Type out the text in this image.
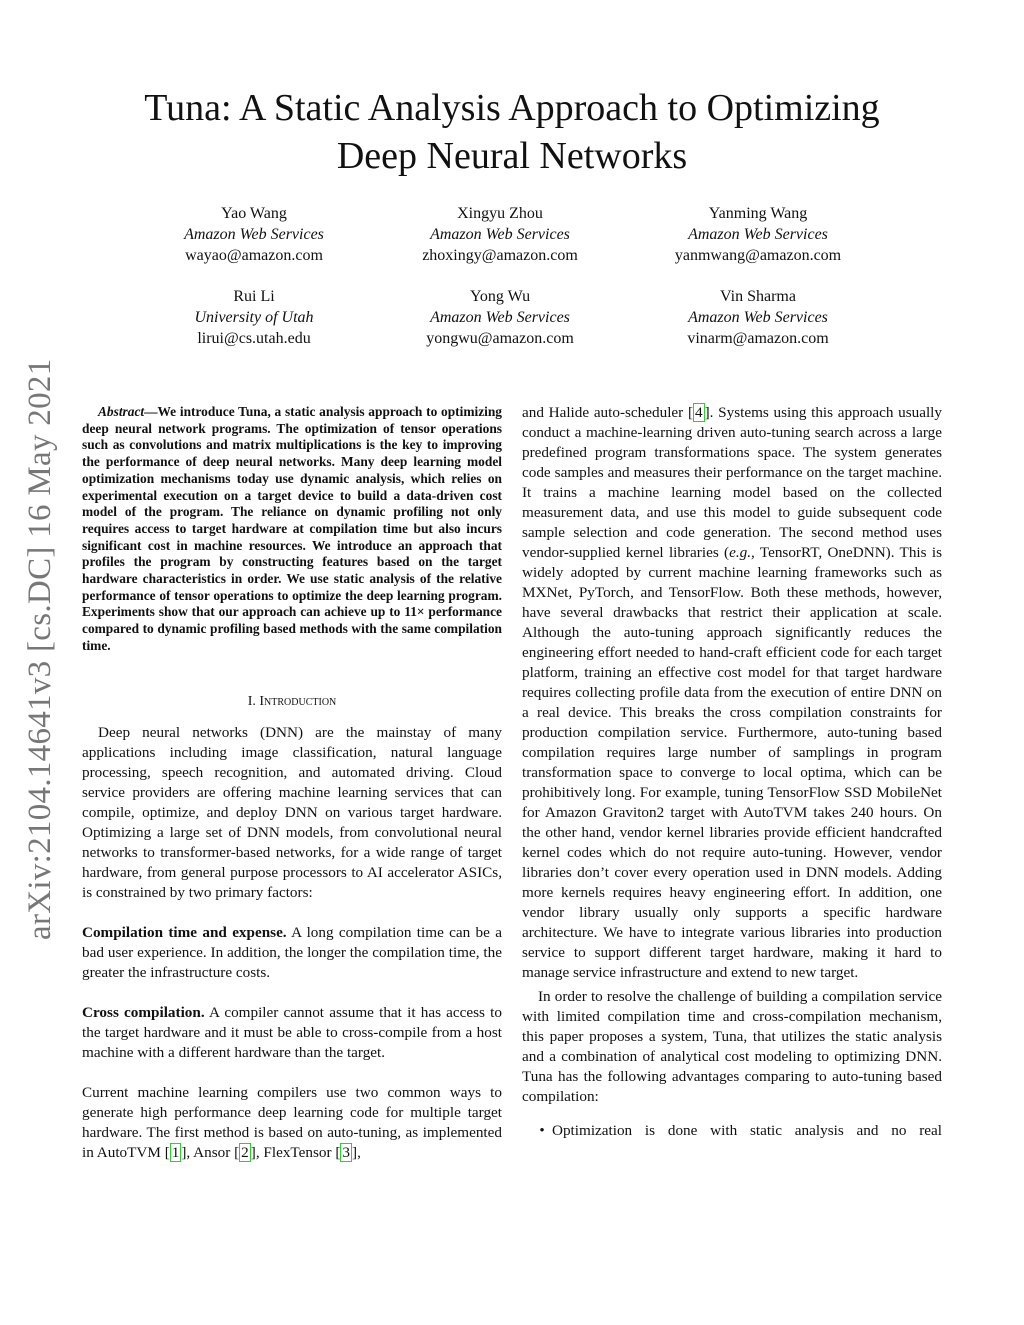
Tuna: A Static Analysis Approach to Optimizing
Deep Neural Networks
Yao Wang
Amazon Web Services
wayao@amazon.com
Xingyu Zhou
Amazon Web Services
zhoxingy@amazon.com
Yanming Wang
Amazon Web Services
yanmwang@amazon.com
Rui Li
University of Utah
lirui@cs.utah.edu
Yong Wu
Amazon Web Services
yongwu@amazon.com
Vin Sharma
Amazon Web Services
vinarm@amazon.com
arXiv:2104.14641v3 [cs.DC] 16 May 2021	Abstract—We introduce Tuna, a static analysis approach to optimizing deep neural network programs. The optimization of tensor operations such as convolutions and matrix multiplications is the key to improving the performance of deep neural networks. Many deep learning model optimization mechanisms today use dynamic analysis, which relies on experimental execution on a target device to build a data-driven cost model of the program. The reliance on dynamic profiling not only requires access to target hardware at compilation time but also incurs significant cost in machine resources. We introduce an approach that profiles the program by constructing features based on the target hardware characteristics in order. We use static analysis of the relative performance of tensor operations to optimize the deep learning program. Experiments show that our approach can achieve up to 11× performance compared to dynamic profiling based methods with the same compilation time.
I. Introduction

Deep neural networks (DNN) are the mainstay of many applications including image classification, natural language processing, speech recognition, and automated driving. Cloud service providers are offering machine learning services that can compile, optimize, and deploy DNN on various target hardware. Optimizing a large set of DNN models, from convolutional neural networks to transformer-based networks, for a wide range of target hardware, from general purpose processors to AI accelerator ASICs, is constrained by two primary factors:

Compilation time and expense. A long compilation time can be a bad user experience. In addition, the longer the compilation time, the greater the infrastructure costs.

Cross compilation. A compiler cannot assume that it has access to the target hardware and it must be able to cross-compile from a host machine with a different hardware than the target.

Current machine learning compilers use two common ways to generate high performance deep learning code for multiple target hardware. The first method is based on auto-tuning, as implemented in AutoTVM [ 1 ], Ansor [ 2 ], FlexTensor [ 3 ],

and Halide auto-scheduler [ 4 ]. Systems using this approach usually conduct a machine-learning driven auto-tuning search across a large predefined program transformations space. The system generates code samples and measures their performance on the target machine. It trains a machine learning model based on the collected measurement data, and use this model to guide subsequent code sample selection and code generation. The second method uses vendor-supplied kernel libraries (e.g., TensorRT, OneDNN). This is widely adopted by current machine learning frameworks such as MXNet, PyTorch, and TensorFlow. Both these methods, however, have several drawbacks that restrict their application at scale. Although the auto-tuning approach significantly reduces the engineering effort needed to hand-craft efficient code for each target platform, training an effective cost model for that target hardware requires collecting profile data from the execution of entire DNN on a real device. This breaks the cross compilation constraints for production compilation service. Furthermore, auto-tuning based compilation requires large number of samplings in program transformation space to converge to local optima, which can be prohibitively long. For example, tuning TensorFlow SSD MobileNet for Amazon Graviton2 target with AutoTVM takes 240 hours. On the other hand, vendor kernel libraries provide efficient handcrafted kernel codes which do not require auto-tuning. However, vendor libraries don’t cover every operation used in DNN models. Adding more kernels requires heavy engineering effort. In addition, one vendor library usually only supports a specific hardware architecture. We have to integrate various libraries into production service to support different target hardware, making it hard to manage service infrastructure and extend to new target.

In order to resolve the challenge of building a compilation service with limited compilation time and cross-compilation mechanism, this paper proposes a system, Tuna, that utilizes the static analysis and a combination of analytical cost modeling to optimizing DNN. Tuna has the following advantages comparing to auto-tuning based compilation:

• Optimization is done with static analysis and no real
